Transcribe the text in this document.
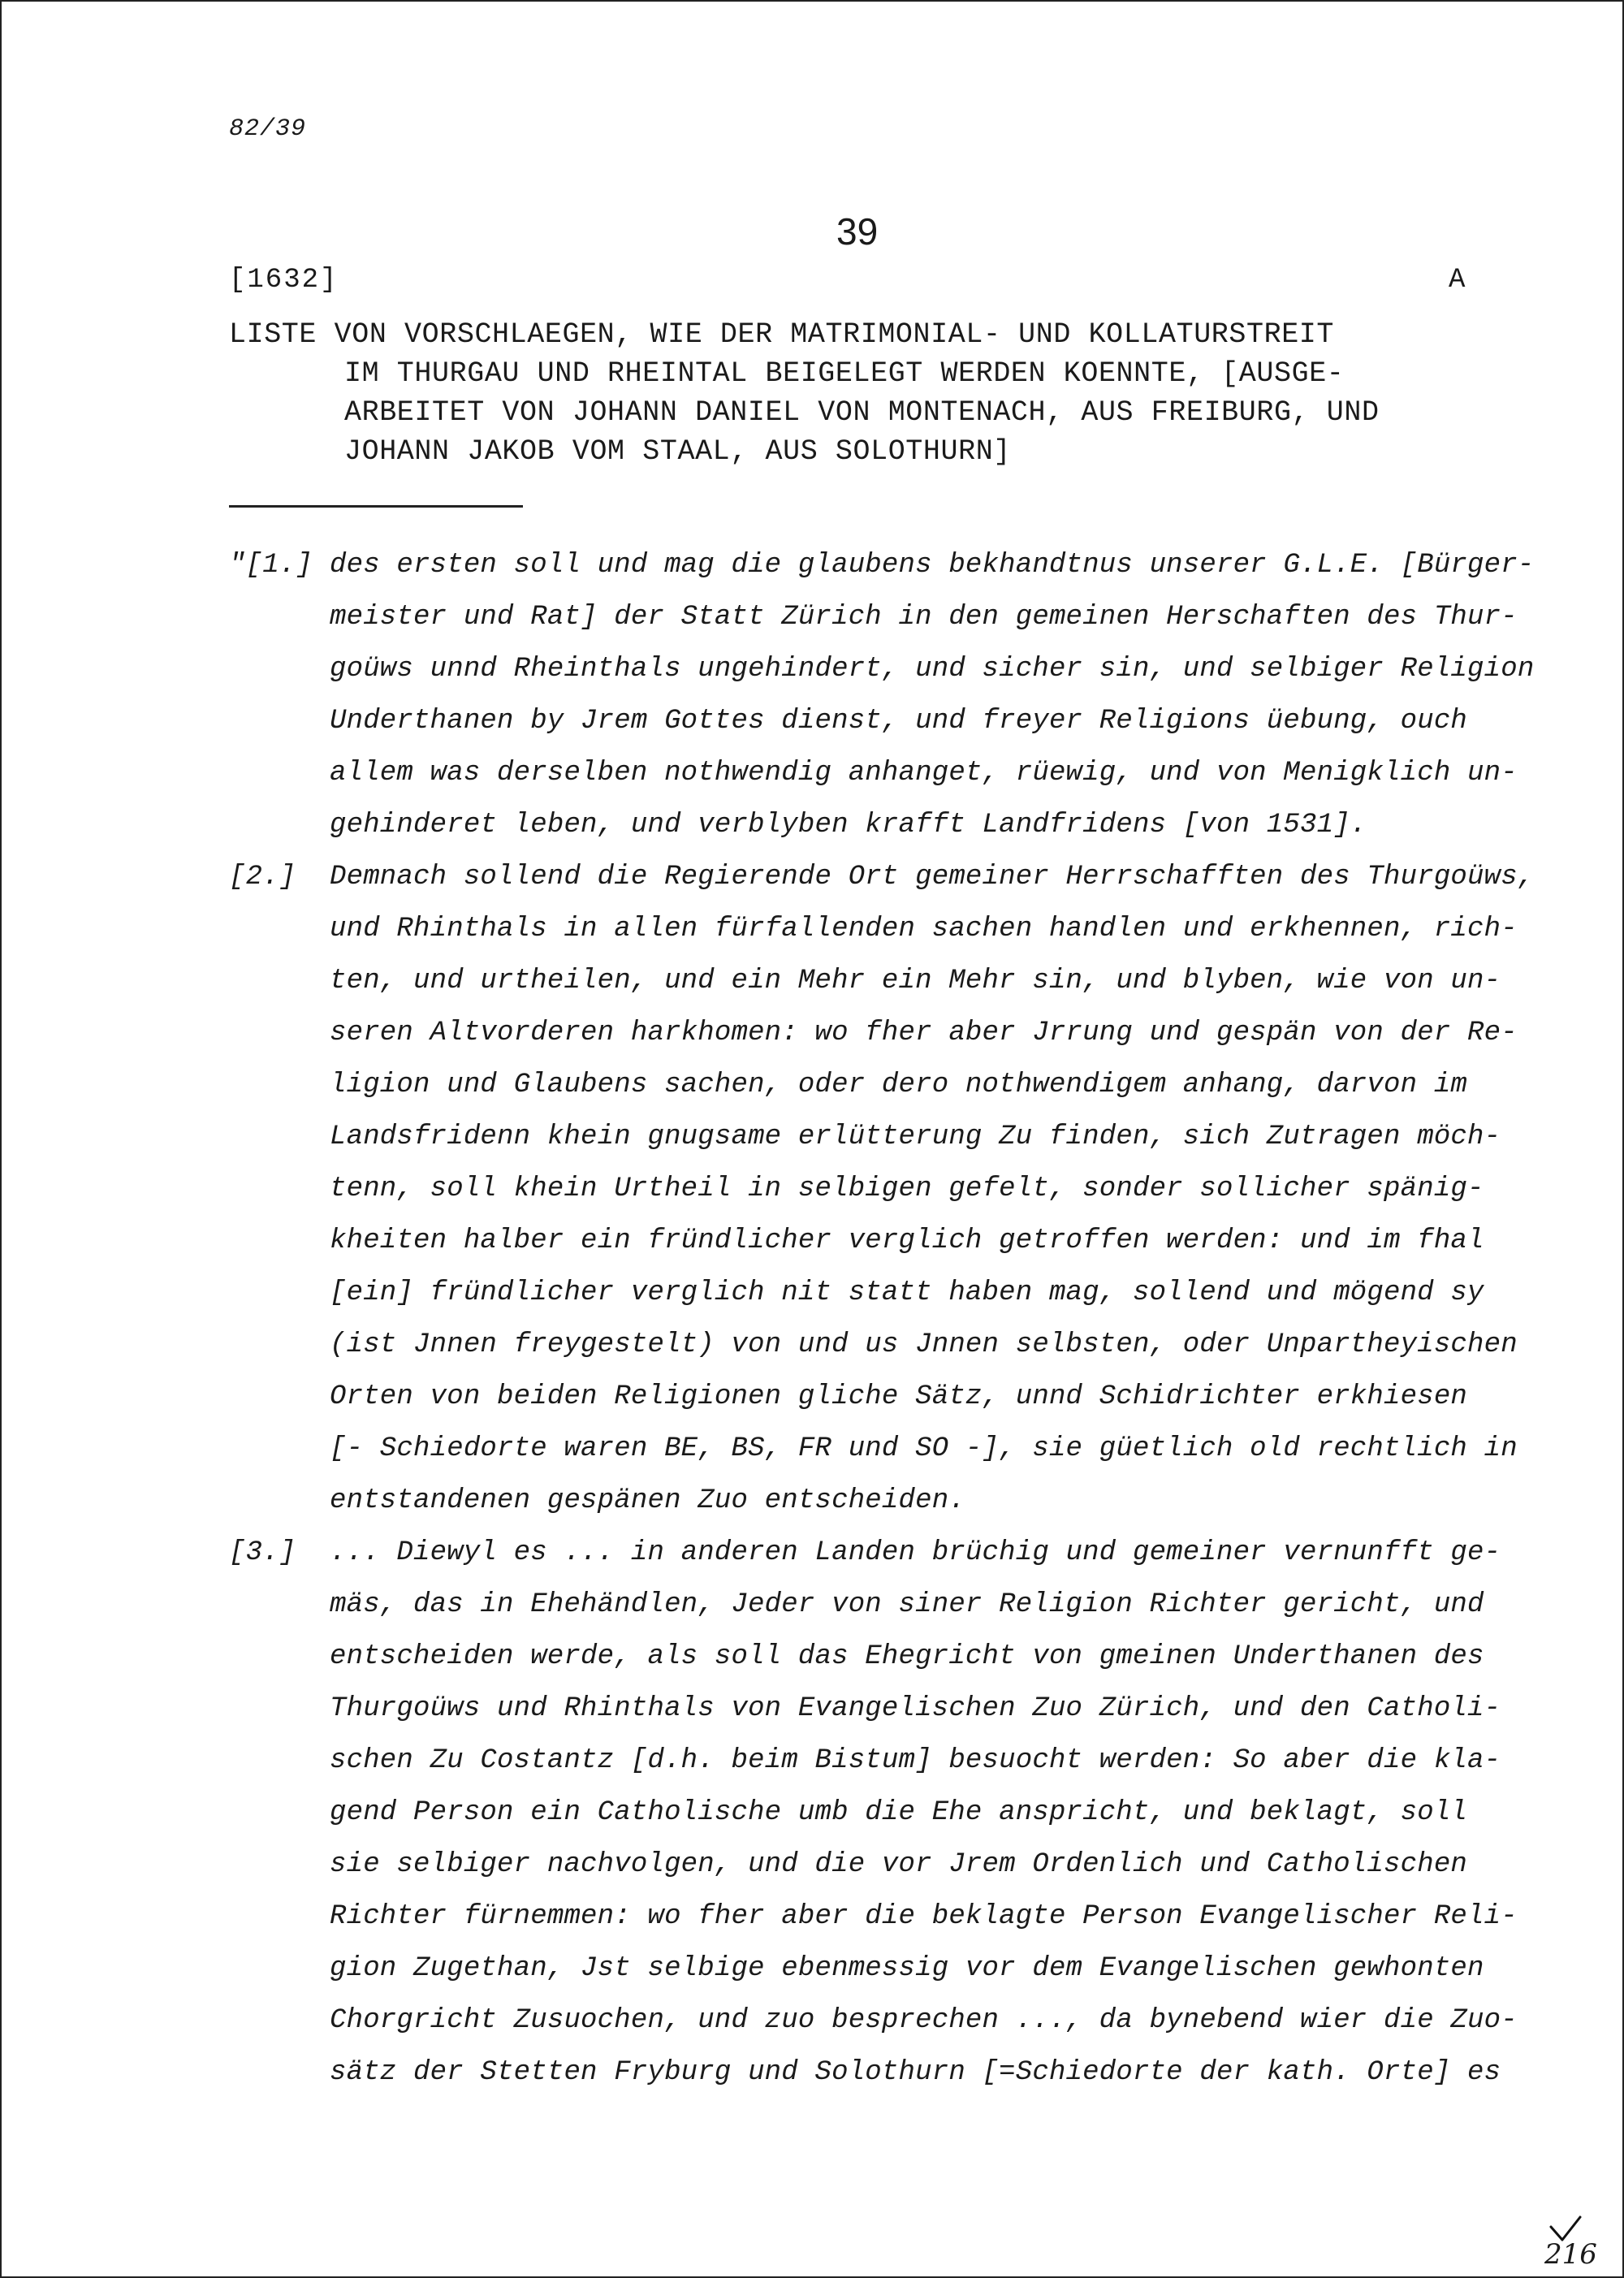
82/39
39
[1632]	A
LISTE VON VORSCHLAEGEN, WIE DER MATRIMONIAL- UND KOLLATURSTREIT
IM THURGAU UND RHEINTAL BEIGELEGT WERDEN KOENNTE, [AUSGE-
ARBEITET VON JOHANN DANIEL VON MONTENACH, AUS FREIBURG, UND
JOHANN JAKOB VOM STAAL, AUS SOLOTHURN]
"[1.] des ersten soll und mag die glaubens bekhandtnus unserer G.L.E. [Bürger-
meister und Rat] der Statt Zürich in den gemeinen Herschaften des Thur-
goüws unnd Rheinthals ungehindert, und sicher sin, und selbiger Religion
Underthanen by Jrem Gottes dienst, und freyer Religions üebung, ouch
allem was derselben nothwendig anhanget, rüewig, und von Menigklich un-
gehinderet leben, und verblyben krafft Landfridens [von 1531].
[2.] Demnach sollend die Regierende Ort gemeiner Herrschafften des Thurgoüws,
und Rhinthals in allen fürfallenden sachen handlen und erkhennen, rich-
ten, und urtheilen, und ein Mehr ein Mehr sin, und blyben, wie von un-
seren Altvorderen harkhomen: wo fher aber Jrrung und gespän von der Re-
ligion und Glaubens sachen, oder dero nothwendigem anhang, darvon im
Landsfridenn khein gnugsame erlütterung Zu finden, sich Zutragen möch-
tenn, soll khein Urtheil in selbigen gefelt, sonder sollicher spänig-
kheiten halber ein fründlicher verglich getroffen werden: und im fhal
[ein] fründlicher verglich nit statt haben mag, sollend und mögend sy
(ist Jnnen freygestelt) von und us Jnnen selbsten, oder Unpartheyischen
Orten von beiden Religionen gliche Sätz, unnd Schidrichter erkhiesen
[- Schiedorte waren BE, BS, FR und SO -], sie güetlich old rechtlich in
entstandenen gespänen Zuo entscheiden.
[3.] ... Diewyl es ... in anderen Landen brüchig und gemeiner vernunfft ge-
mäs, das in Ehehändlen, Jeder von siner Religion Richter gericht, und
entscheiden werde, als soll das Ehegricht von gmeinen Underthanen des
Thurgoüws und Rhinthals von Evangelischen Zuo Zürich, und den Catholi-
schen Zu Costantz [d.h. beim Bistum] besuocht werden: So aber die kla-
gend Person ein Catholische umb die Ehe anspricht, und beklagt, soll
sie selbiger nachvolgen, und die vor Jrem Ordenlich und Catholischen
Richter fürnemmen: wo fher aber die beklagte Person Evangelischer Reli-
gion Zugethan, Jst selbige ebenmessig vor dem Evangelischen gewhonten
Chorgricht Zusuochen, und zuo besprechen ..., da bynebend wier die Zuo-
sätz der Stetten Fryburg und Solothurn [=Schiedorte der kath. Orte] es
216
